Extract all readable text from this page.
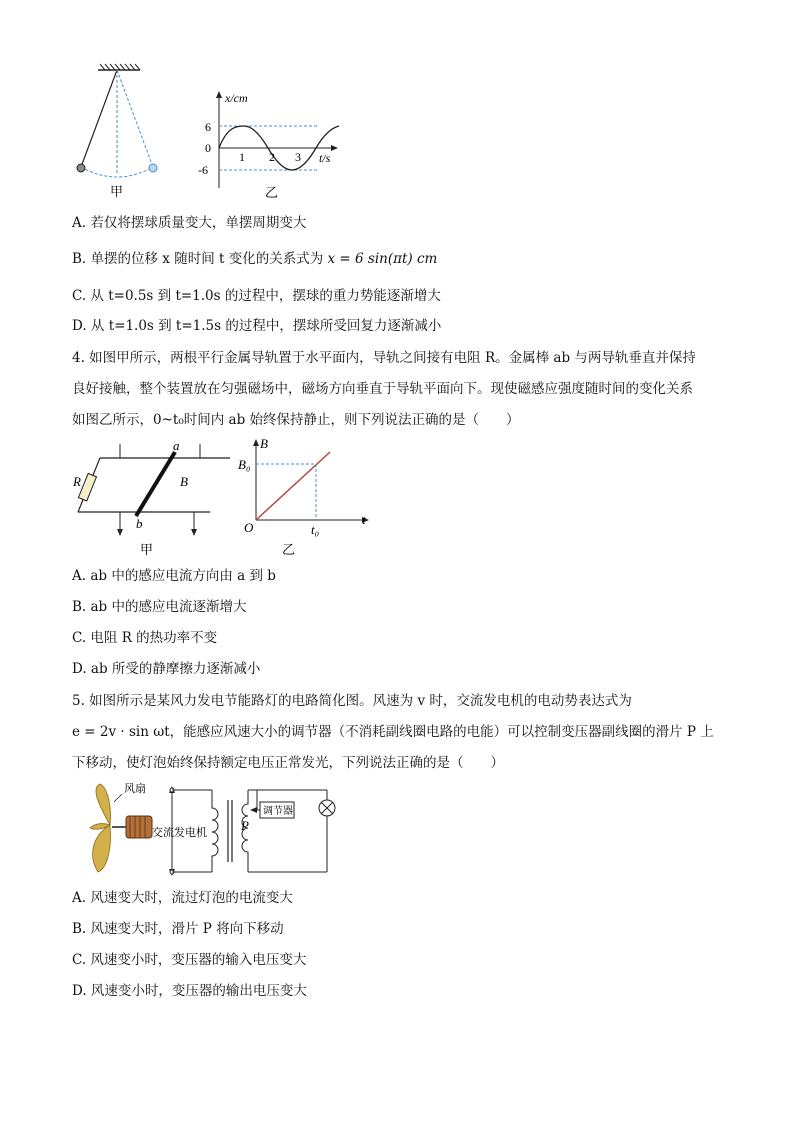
甲
x/cm
t/s
6
0
-6
1 2 3
乙
A. 若仅将摆球质量变大，单摆周期变大
B. 单摆的位移 x 随时间 t 变化的关系式为 x = 6 sin(πt) cm
C. 从 t=0.5s 到 t=1.0s 的过程中，摆球的重力势能逐渐增大
D. 从 t=1.0s 到 t=1.5s 的过程中，摆球所受回复力逐渐减小
4. 如图甲所示，两根平行金属导轨置于水平面内，导轨之间接有电阻 R。金属棒 ab 与两导轨垂直并保持
良好接触，整个装置放在匀强磁场中，磁场方向垂直于导轨平面向下。现使磁感应强度随时间的变化关系
如图乙所示，0~t₀时间内 ab 始终保持静止，则下列说法正确的是（　　）
R
a
b
B
甲
B
t
O
B₀
t₀
乙
A. ab 中的感应电流方向由 a 到 b
B. ab 中的感应电流逐渐增大
C. 电阻 R 的热功率不变
D. ab 所受的静摩擦力逐渐减小
5. 如图所示是某风力发电节能路灯的电路简化图。风速为 v 时，交流发电机的电动势表达式为
e = 2v · sin ωt，能感应风速大小的调节器（不消耗副线圈电路的电能）可以控制变压器副线圈的滑片 P 上
下移动，使灯泡始终保持额定电压正常发光，下列说法正确的是（　　）
风扇
交流发电机	P
调节器
A. 风速变大时，流过灯泡的电流变大
B. 风速变大时，滑片 P 将向下移动
C. 风速变小时，变压器的输入电压变大
D. 风速变小时，变压器的输出电压变大
